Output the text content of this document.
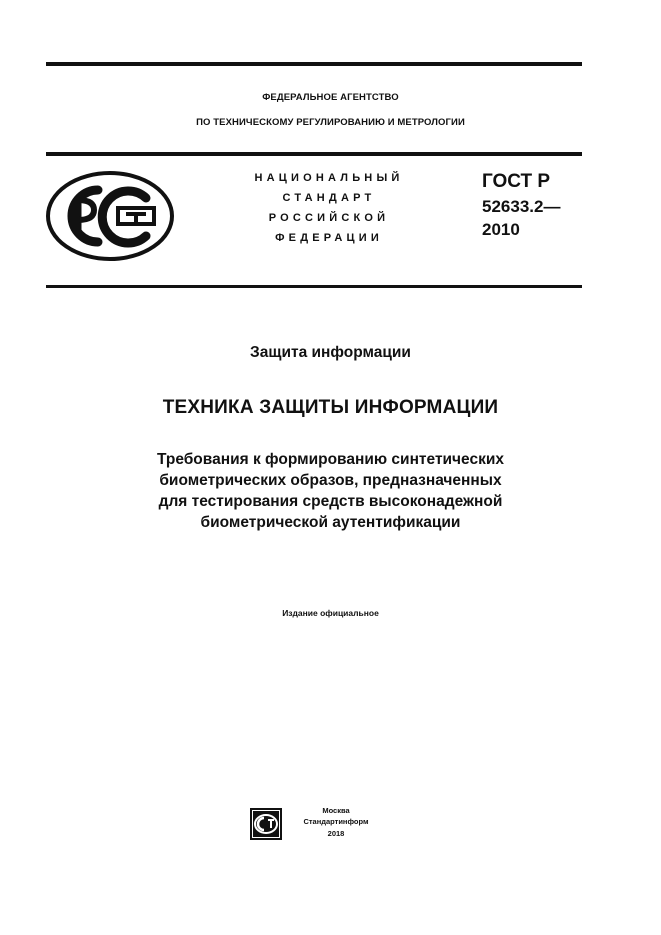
ФЕДЕРАЛЬНОЕ АГЕНТСТВО
ПО ТЕХНИЧЕСКОМУ РЕГУЛИРОВАНИЮ И МЕТРОЛОГИИ
НАЦИОНАЛЬНЫЙ
СТАНДАРТ
РОССИЙСКОЙ
ФЕДЕРАЦИИ
ГОСТ Р
52633.2—
2010
Защита информации
ТЕХНИКА ЗАЩИТЫ ИНФОРМАЦИИ
Требования к формированию синтетических
биометрических образов, предназначенных
для тестирования средств высоконадежной
биометрической аутентификации
Издание официальное
Москва
Стандартинформ
2018
